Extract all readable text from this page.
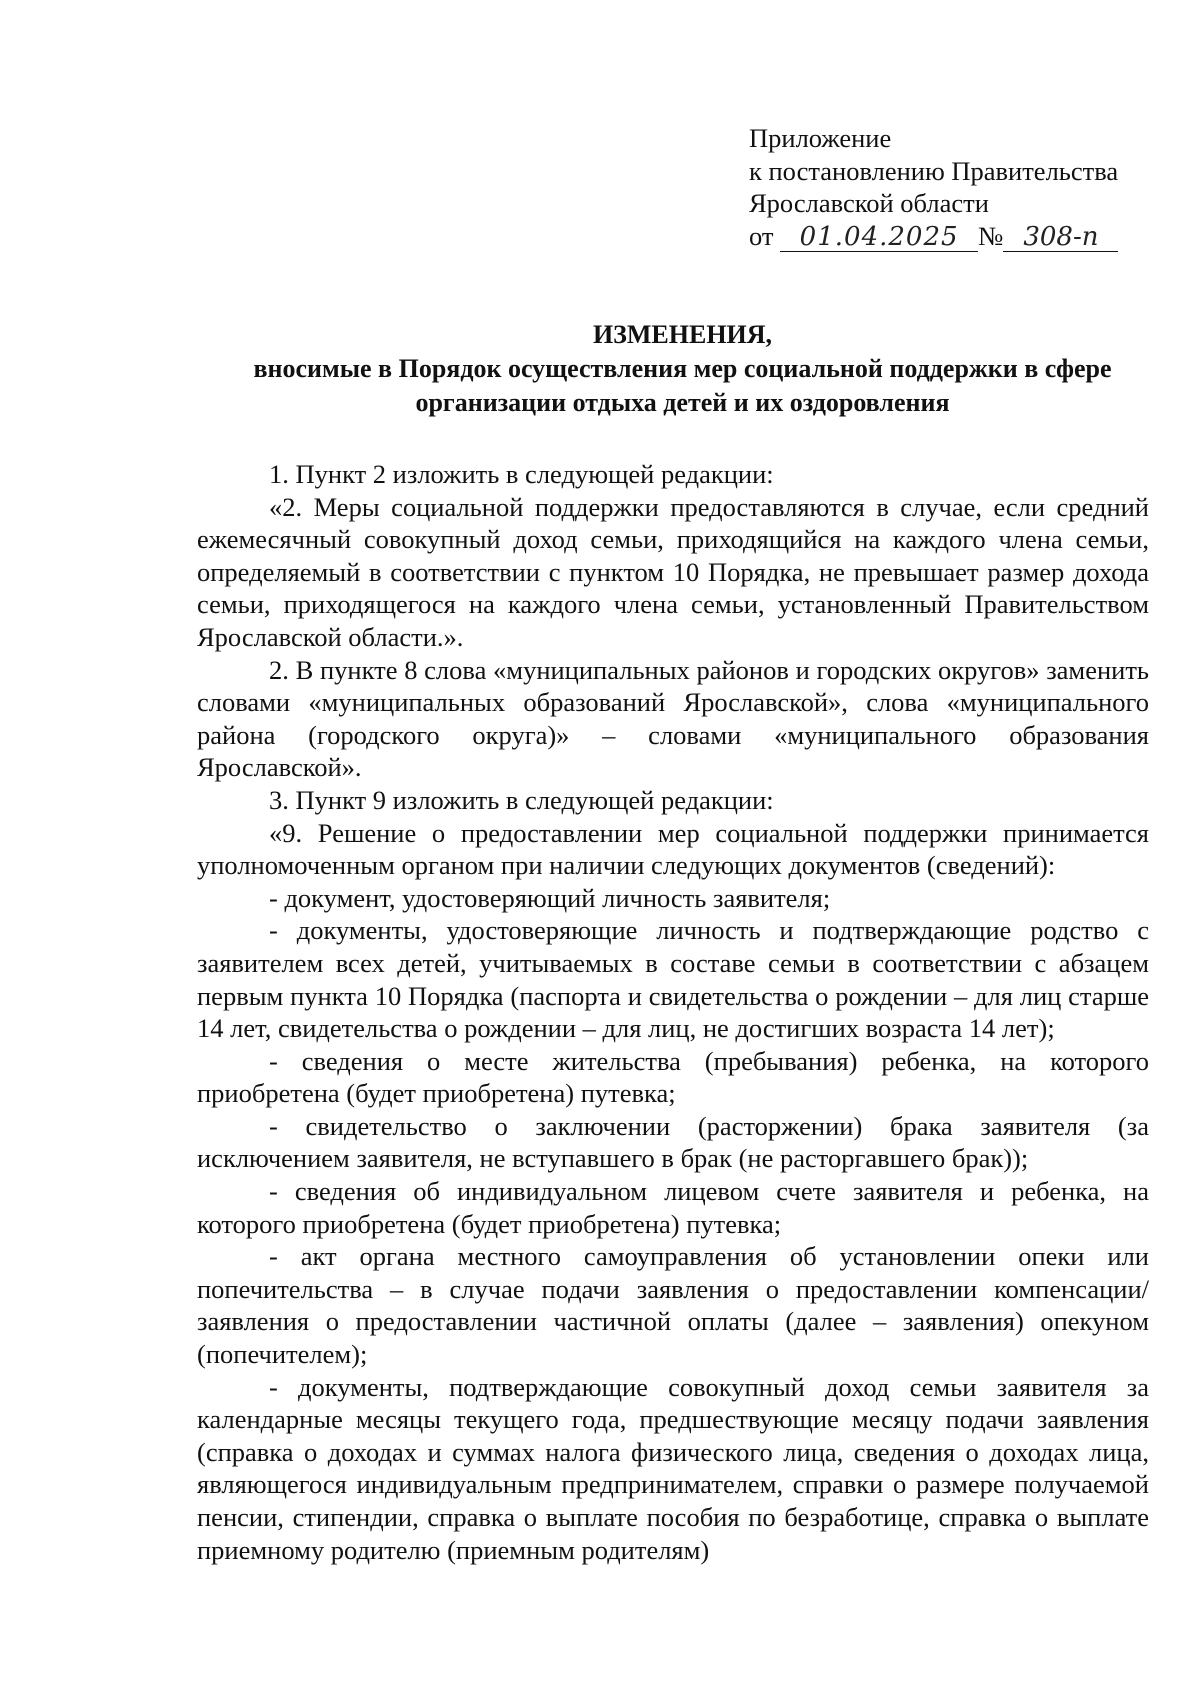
Приложение
к постановлению Правительства
Ярославской области
от 01.04.2025 № 308-п
ИЗМЕНЕНИЯ,
вносимые в Порядок осуществления мер социальной поддержки в сфере организации отдыха детей и их оздоровления

1. Пункт 2 изложить в следующей редакции:

«2. Меры социальной поддержки предоставляются в случае, если средний ежемесячный совокупный доход семьи, приходящийся на каждого члена семьи, определяемый в соответствии с пунктом 10 Порядка, не превышает размер дохода семьи, приходящегося на каждого члена семьи, установленный Правительством Ярославской области.».

2. В пункте 8 слова «муниципальных районов и городских округов» заменить словами «муниципальных образований Ярославской», слова «муниципального района (городского округа)» – словами «муниципального образования Ярославской».

3. Пункт 9 изложить в следующей редакции:

«9. Решение о предоставлении мер социальной поддержки принимается уполномоченным органом при наличии следующих документов (сведений):

- документ, удостоверяющий личность заявителя;

- документы, удостоверяющие личность и подтверждающие родство с заявителем всех детей, учитываемых в составе семьи в соответствии с абзацем первым пункта 10 Порядка (паспорта и свидетельства о рождении – для лиц старше 14 лет, свидетельства о рождении – для лиц, не достигших возраста 14 лет);

- сведения о месте жительства (пребывания) ребенка, на которого приобретена (будет приобретена) путевка;

- свидетельство о заключении (расторжении) брака заявителя (за исключением заявителя, не вступавшего в брак (не расторгавшего брак));

- сведения об индивидуальном лицевом счете заявителя и ребенка, на которого приобретена (будет приобретена) путевка;

- акт органа местного самоуправления об установлении опеки или попечительства – в случае подачи заявления о предоставлении компенсации/ заявления о предоставлении частичной оплаты (далее – заявления) опекуном (попечителем);

- документы, подтверждающие совокупный доход семьи заявителя за календарные месяцы текущего года, предшествующие месяцу подачи заявления (справка о доходах и суммах налога физического лица, сведения о доходах лица, являющегося индивидуальным предпринимателем, справки о размере получаемой пенсии, стипендии, справка о выплате пособия по безработице, справка о выплате приемному родителю (приемным родителям)
